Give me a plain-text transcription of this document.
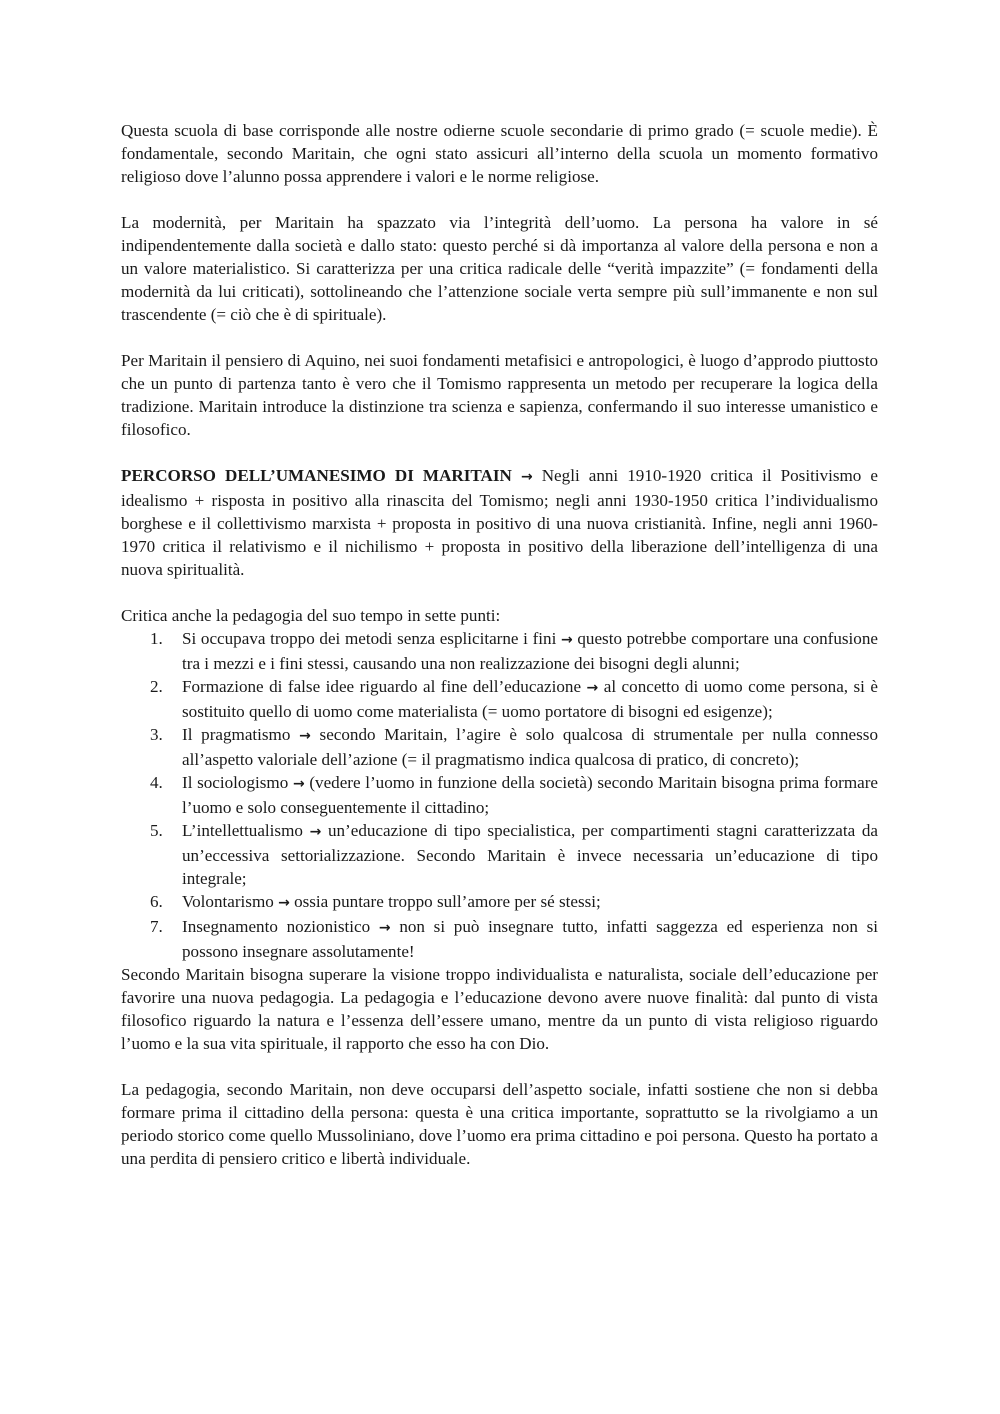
Questa scuola di base corrisponde alle nostre odierne scuole secondarie di primo grado (= scuole medie). È fondamentale, secondo Maritain, che ogni stato assicuri all’interno della scuola un momento formativo religioso dove l’alunno possa apprendere i valori e le norme religiose.

La modernità, per Maritain ha spazzato via l’integrità dell’uomo. La persona ha valore in sé indipendentemente dalla società e dallo stato: questo perché si dà importanza al valore della persona e non a un valore materialistico. Si caratterizza per una critica radicale delle “verità impazzite” (= fondamenti della modernità da lui criticati), sottolineando che l’attenzione sociale verta sempre più sull’immanente e non sul trascendente (= ciò che è di spirituale).

Per Maritain il pensiero di Aquino, nei suoi fondamenti metafisici e antropologici, è luogo d’approdo piuttosto che un punto di partenza tanto è vero che il Tomismo rappresenta un metodo per recuperare la logica della tradizione. Maritain introduce la distinzione tra scienza e sapienza, confermando il suo interesse umanistico e filosofico.

PERCORSO DELL’UMANESIMO DI MARITAIN → Negli anni 1910-1920 critica il Positivismo e idealismo + risposta in positivo alla rinascita del Tomismo; negli anni 1930-1950 critica l’individualismo borghese e il collettivismo marxista + proposta in positivo di una nuova cristianità. Infine, negli anni 1960-1970 critica il relativismo e il nichilismo + proposta in positivo della liberazione dell’intelligenza di una nuova spiritualità.

Critica anche la pedagogia del suo tempo in sette punti:

1. Si occupava troppo dei metodi senza esplicitarne i fini → questo potrebbe comportare una confusione tra i mezzi e i fini stessi, causando una non realizzazione dei bisogni degli alunni;
2. Formazione di false idee riguardo al fine dell’educazione → al concetto di uomo come persona, si è sostituito quello di uomo come materialista (= uomo portatore di bisogni ed esigenze);
3. Il pragmatismo → secondo Maritain, l’agire è solo qualcosa di strumentale per nulla connesso all’aspetto valoriale dell’azione (= il pragmatismo indica qualcosa di pratico, di concreto);
4. Il sociologismo → (vedere l’uomo in funzione della società) secondo Maritain bisogna prima formare l’uomo e solo conseguentemente il cittadino;
5. L’intellettualismo → un’educazione di tipo specialistica, per compartimenti stagni caratterizzata da un’eccessiva settorializzazione. Secondo Maritain è invece necessaria un’educazione di tipo integrale;
6. Volontarismo → ossia puntare troppo sull’amore per sé stessi;
7. Insegnamento nozionistico → non si può insegnare tutto, infatti saggezza ed esperienza non si possono insegnare assolutamente!

Secondo Maritain bisogna superare la visione troppo individualista e naturalista, sociale dell’educazione per favorire una nuova pedagogia. La pedagogia e l’educazione devono avere nuove finalità: dal punto di vista filosofico riguardo la natura e l’essenza dell’essere umano, mentre da un punto di vista religioso riguardo l’uomo e la sua vita spirituale, il rapporto che esso ha con Dio.

La pedagogia, secondo Maritain, non deve occuparsi dell’aspetto sociale, infatti sostiene che non si debba formare prima il cittadino della persona: questa è una critica importante, soprattutto se la rivolgiamo a un periodo storico come quello Mussoliniano, dove l’uomo era prima cittadino e poi persona. Questo ha portato a una perdita di pensiero critico e libertà individuale.
